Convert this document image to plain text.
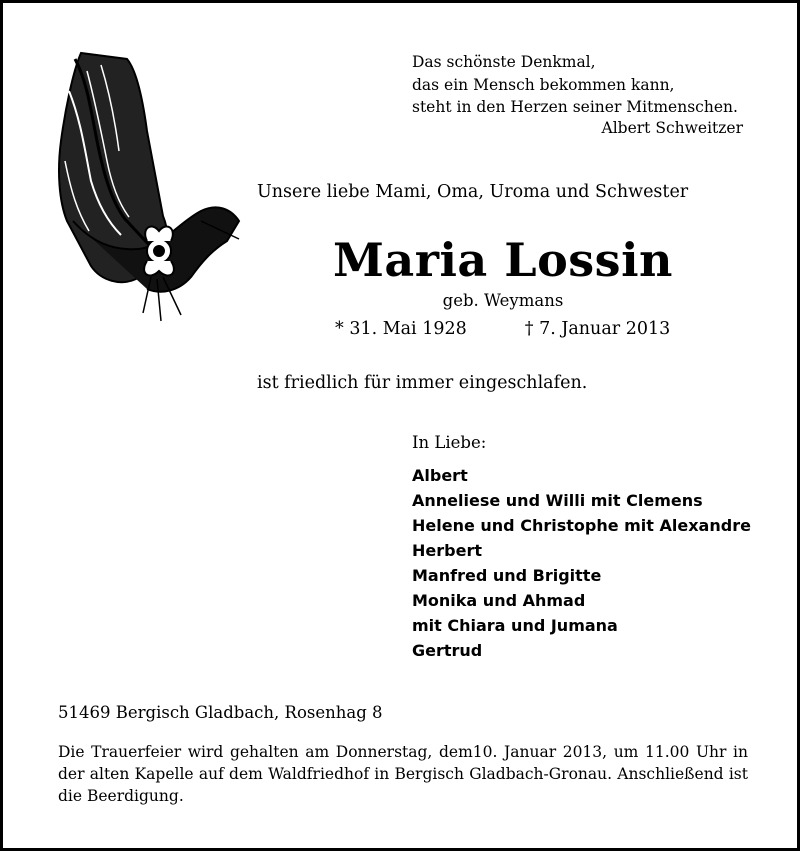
Das schönste Denkmal,
das ein Mensch bekommen kann,
steht in den Herzen seiner Mitmenschen.
Albert Schweitzer
Unsere liebe Mami, Oma, Uroma und Schwester
Maria Lossin
geb. Weymans
* 31. Mai 1928	† 7. Januar 2013
ist friedlich für immer eingeschlafen.
In Liebe:
Albert
Anneliese und Willi mit Clemens
Helene und Christophe mit Alexandre
Herbert
Manfred und Brigitte
Monika und Ahmad
mit Chiara und Jumana
Gertrud
51469 Bergisch Gladbach, Rosenhag 8
Die Trauerfeier wird gehalten am Donnerstag, dem10. Januar 2013, um 11.00 Uhr in der alten Kapelle auf dem Waldfriedhof in Bergisch Gladbach-Gronau. Anschließend ist die Beerdigung.
